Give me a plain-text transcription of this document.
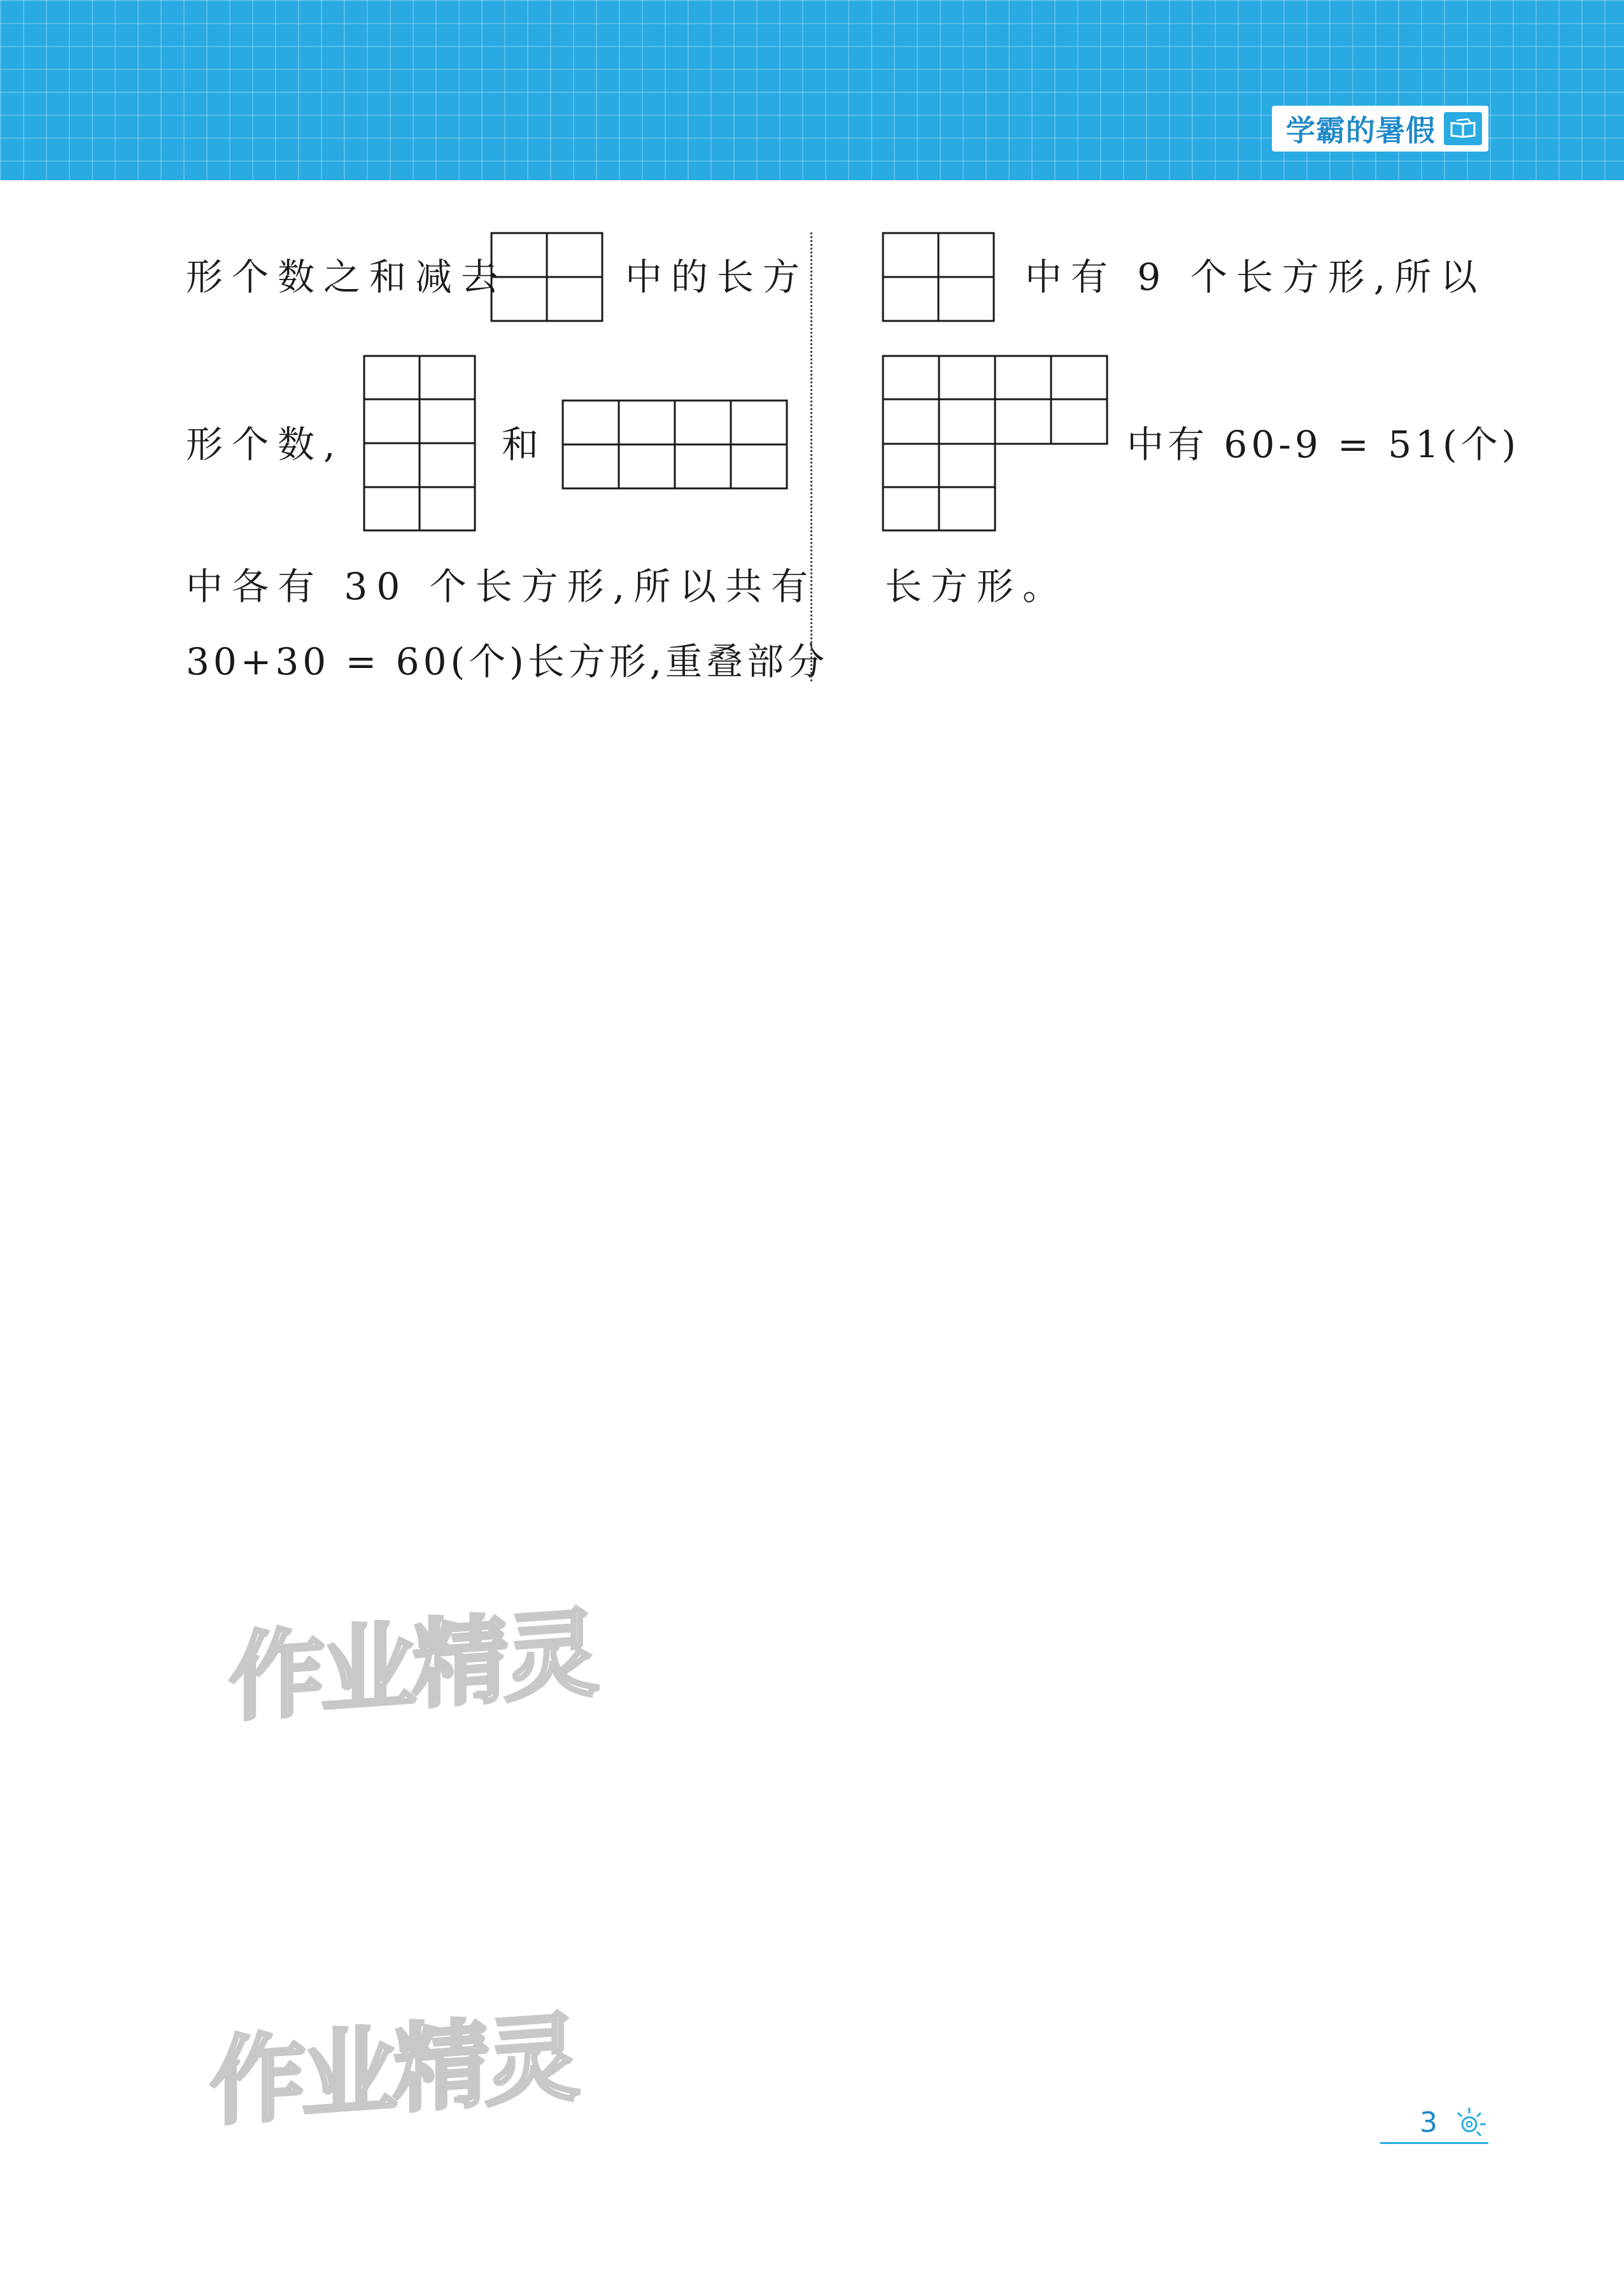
学霸的暑假
形个数之和减去	中的长方
形个数,	和
中各有 30 个长方形,所以共有
30+30 = 60(个)长方形,重叠部分
中有 9 个长方形,所以
中有 60-9 = 51(个)
长方形。
作业精灵
作业精灵	3
